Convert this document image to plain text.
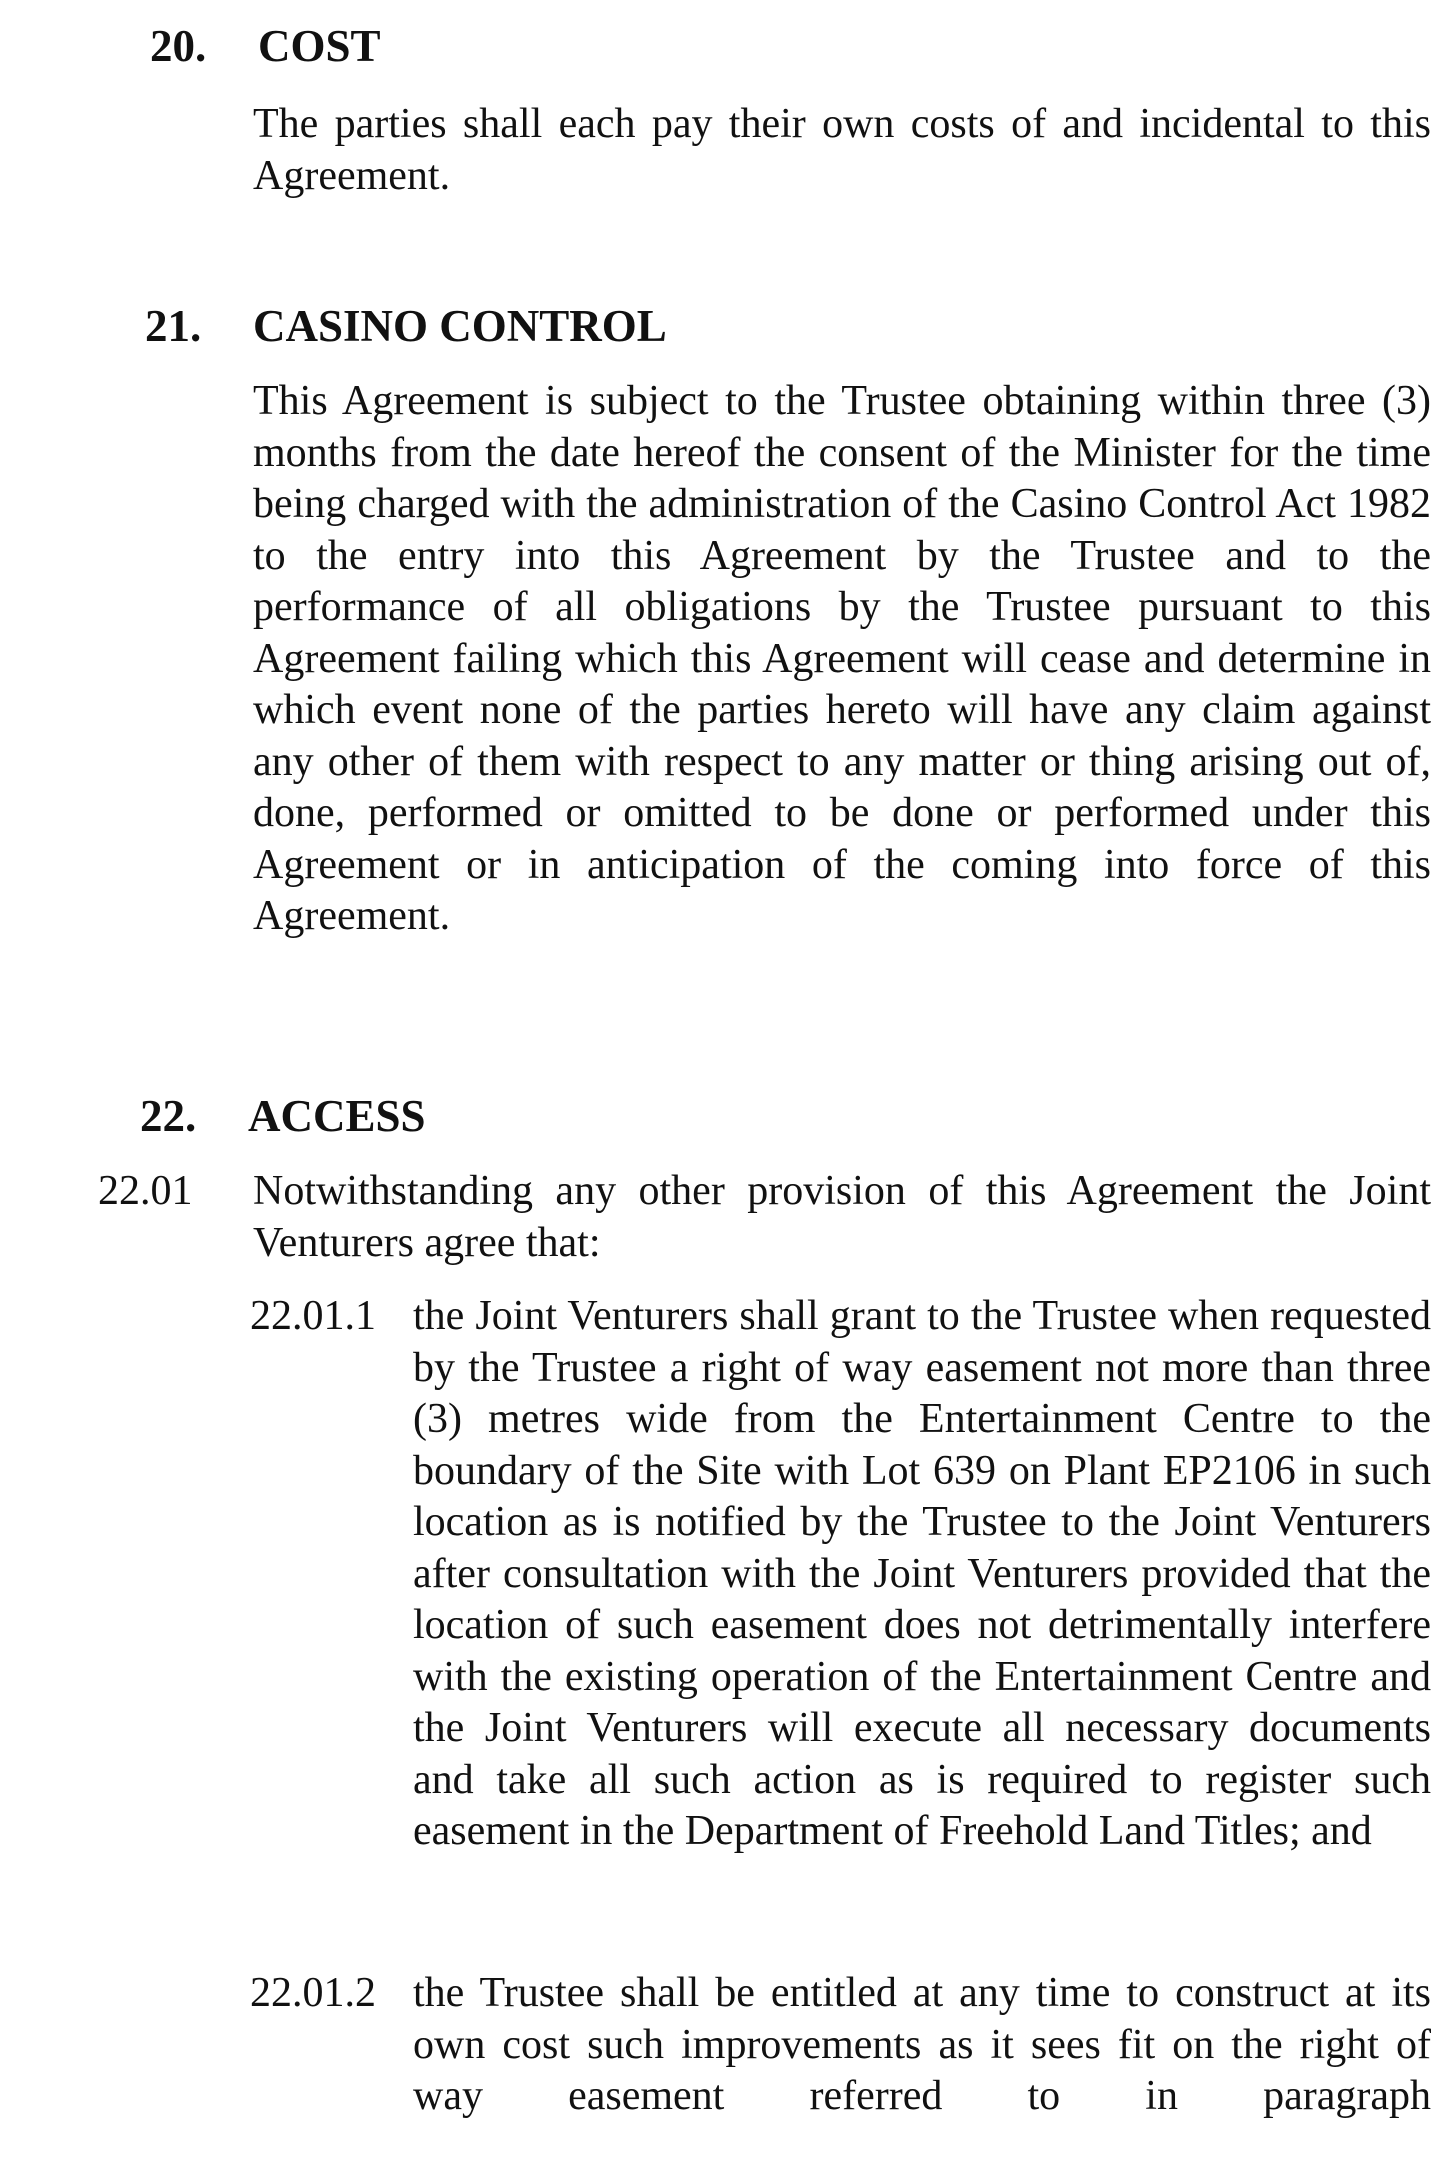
20. COST
The parties shall each pay their own costs of and incidental to this Agreement.
21. CASINO CONTROL
This Agreement is subject to the Trustee obtaining within three (3) months from the date hereof the consent of the Minister for the time being charged with the administration of the Casino Control Act 1982 to the entry into this Agreement by the Trustee and to the performance of all obligations by the Trustee pursuant to this Agreement failing which this Agreement will cease and determine in which event none of the parties hereto will have any claim against any other of them with respect to any matter or thing arising out of, done, performed or omitted to be done or performed under this Agreement or in anticipation of the coming into force of this Agreement.
22. ACCESS
22.01 Notwithstanding any other provision of this Agreement the Joint Venturers agree that:
22.01.1 the Joint Venturers shall grant to the Trustee when requested by the Trustee a right of way easement not more than three (3) metres wide from the Entertainment Centre to the boundary of the Site with Lot 639 on Plant EP2106 in such location as is notified by the Trustee to the Joint Venturers after consultation with the Joint Venturers provided that the location of such easement does not detrimentally interfere with the existing operation of the Entertainment Centre and the Joint Venturers will execute all necessary documents and take all such action as is required to register such easement in the Department of Freehold Land Titles; and
22.01.2 the Trustee shall be entitled at any time to construct at its own cost such improvements as it sees fit on the right of way easement referred to in paragraph
